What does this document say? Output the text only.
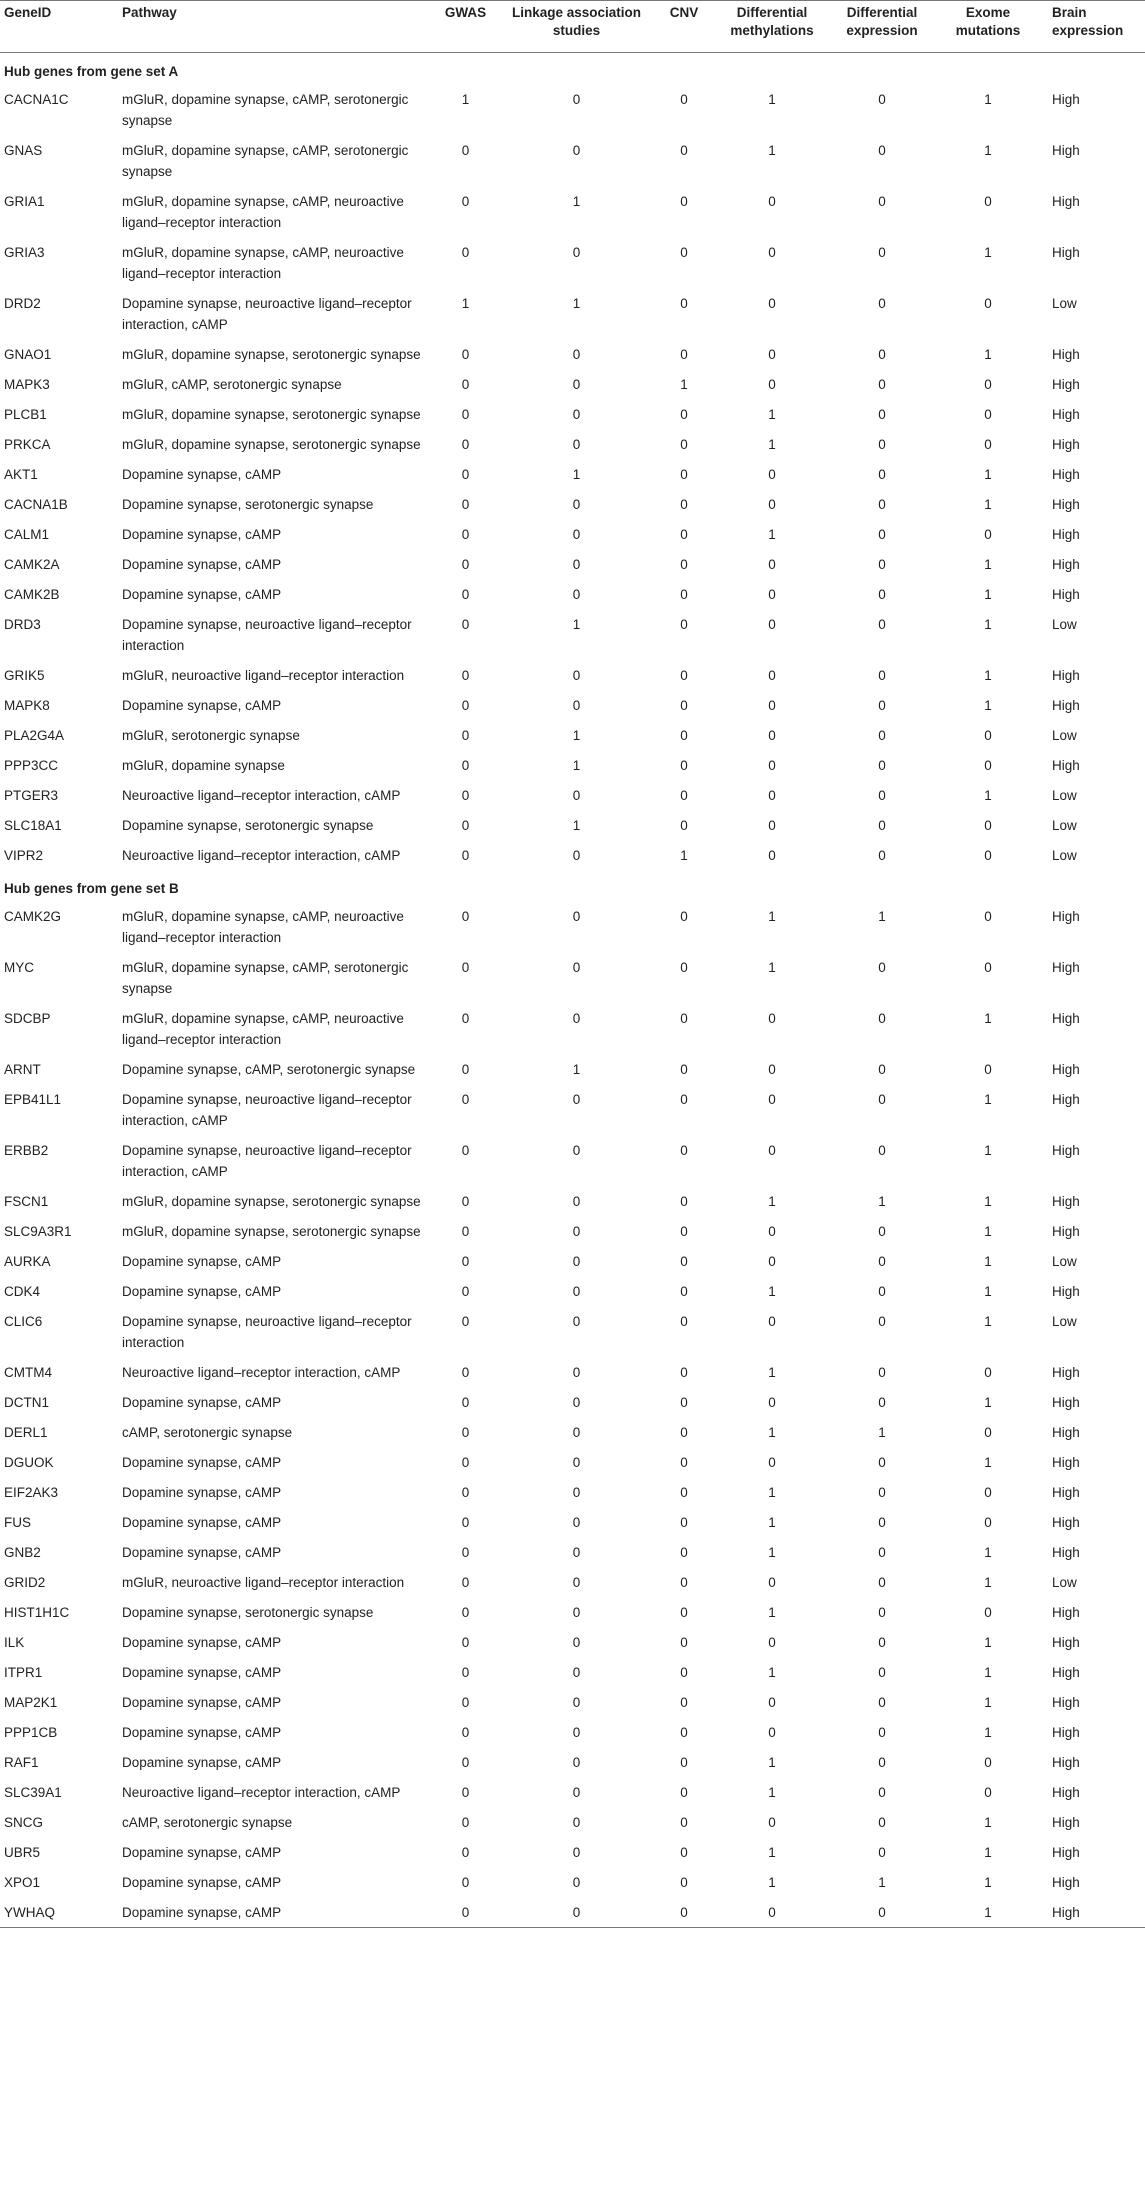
GeneID	Pathway	GWAS	Linkage association studies	CNV	Differential methylations	Differential expression	Exome mutations	Brain expression
Hub genes from gene set A								
CACNA1C	mGluR, dopamine synapse, cAMP, serotonergic synapse	1	0	0	1	0	1	High
GNAS	mGluR, dopamine synapse, cAMP, serotonergic synapse	0	0	0	1	0	1	High
GRIA1	mGluR, dopamine synapse, cAMP, neuroactive ligand–receptor interaction	0	1	0	0	0	0	High
GRIA3	mGluR, dopamine synapse, cAMP, neuroactive ligand–receptor interaction	0	0	0	0	0	1	High
DRD2	Dopamine synapse, neuroactive ligand–receptor interaction, cAMP	1	1	0	0	0	0	Low
GNAO1	mGluR, dopamine synapse, serotonergic synapse	0	0	0	0	0	1	High
MAPK3	mGluR, cAMP, serotonergic synapse	0	0	1	0	0	0	High
PLCB1	mGluR, dopamine synapse, serotonergic synapse	0	0	0	1	0	0	High
PRKCA	mGluR, dopamine synapse, serotonergic synapse	0	0	0	1	0	0	High
AKT1	Dopamine synapse, cAMP	0	1	0	0	0	1	High
CACNA1B	Dopamine synapse, serotonergic synapse	0	0	0	0	0	1	High
CALM1	Dopamine synapse, cAMP	0	0	0	1	0	0	High
CAMK2A	Dopamine synapse, cAMP	0	0	0	0	0	1	High
CAMK2B	Dopamine synapse, cAMP	0	0	0	0	0	1	High
DRD3	Dopamine synapse, neuroactive ligand–receptor interaction	0	1	0	0	0	1	Low
GRIK5	mGluR, neuroactive ligand–receptor interaction	0	0	0	0	0	1	High
MAPK8	Dopamine synapse, cAMP	0	0	0	0	0	1	High
PLA2G4A	mGluR, serotonergic synapse	0	1	0	0	0	0	Low
PPP3CC	mGluR, dopamine synapse	0	1	0	0	0	0	High
PTGER3	Neuroactive ligand–receptor interaction, cAMP	0	0	0	0	0	1	Low
SLC18A1	Dopamine synapse, serotonergic synapse	0	1	0	0	0	0	Low
VIPR2	Neuroactive ligand–receptor interaction, cAMP	0	0	1	0	0	0	Low
Hub genes from gene set B								
CAMK2G	mGluR, dopamine synapse, cAMP, neuroactive ligand–receptor interaction	0	0	0	1	1	0	High
MYC	mGluR, dopamine synapse, cAMP, serotonergic synapse	0	0	0	1	0	0	High
SDCBP	mGluR, dopamine synapse, cAMP, neuroactive ligand–receptor interaction	0	0	0	0	0	1	High
ARNT	Dopamine synapse, cAMP, serotonergic synapse	0	1	0	0	0	0	High
EPB41L1	Dopamine synapse, neuroactive ligand–receptor interaction, cAMP	0	0	0	0	0	1	High
ERBB2	Dopamine synapse, neuroactive ligand–receptor interaction, cAMP	0	0	0	0	0	1	High
FSCN1	mGluR, dopamine synapse, serotonergic synapse	0	0	0	1	1	1	High
SLC9A3R1	mGluR, dopamine synapse, serotonergic synapse	0	0	0	0	0	1	High
AURKA	Dopamine synapse, cAMP	0	0	0	0	0	1	Low
CDK4	Dopamine synapse, cAMP	0	0	0	1	0	1	High
CLIC6	Dopamine synapse, neuroactive ligand–receptor interaction	0	0	0	0	0	1	Low
CMTM4	Neuroactive ligand–receptor interaction, cAMP	0	0	0	1	0	0	High
DCTN1	Dopamine synapse, cAMP	0	0	0	0	0	1	High
DERL1	cAMP, serotonergic synapse	0	0	0	1	1	0	High
DGUOK	Dopamine synapse, cAMP	0	0	0	0	0	1	High
EIF2AK3	Dopamine synapse, cAMP	0	0	0	1	0	0	High
FUS	Dopamine synapse, cAMP	0	0	0	1	0	0	High
GNB2	Dopamine synapse, cAMP	0	0	0	1	0	1	High
GRID2	mGluR, neuroactive ligand–receptor interaction	0	0	0	0	0	1	Low
HIST1H1C	Dopamine synapse, serotonergic synapse	0	0	0	1	0	0	High
ILK	Dopamine synapse, cAMP	0	0	0	0	0	1	High
ITPR1	Dopamine synapse, cAMP	0	0	0	1	0	1	High
MAP2K1	Dopamine synapse, cAMP	0	0	0	0	0	1	High
PPP1CB	Dopamine synapse, cAMP	0	0	0	0	0	1	High
RAF1	Dopamine synapse, cAMP	0	0	0	1	0	0	High
SLC39A1	Neuroactive ligand–receptor interaction, cAMP	0	0	0	1	0	0	High
SNCG	cAMP, serotonergic synapse	0	0	0	0	0	1	High
UBR5	Dopamine synapse, cAMP	0	0	0	1	0	1	High
XPO1	Dopamine synapse, cAMP	0	0	0	1	1	1	High
YWHAQ	Dopamine synapse, cAMP	0	0	0	0	0	1	High
